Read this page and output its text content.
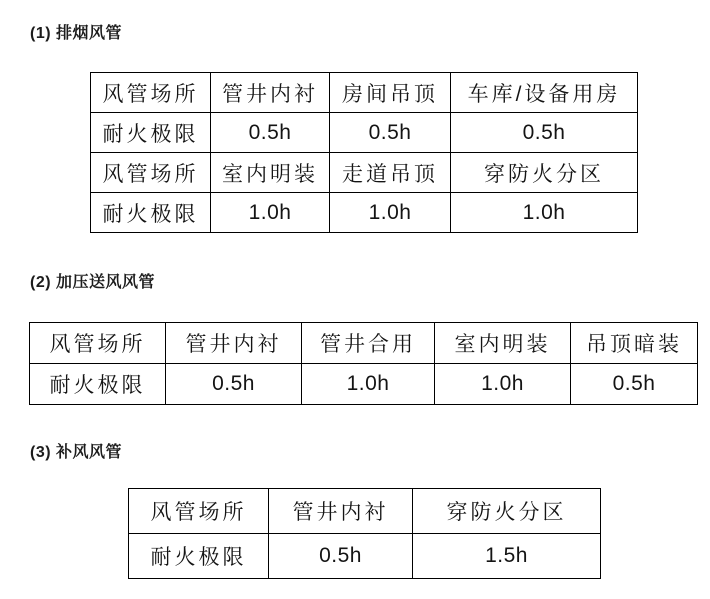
(1) 排烟风管
风管场所	管井内衬	房间吊顶	车库/设备用房
耐火极限	0.5h	0.5h	0.5h
风管场所	室内明装	走道吊顶	穿防火分区
耐火极限	1.0h	1.0h	1.0h
(2) 加压送风风管
风管场所	管井内衬	管井合用	室内明装	吊顶暗装
耐火极限	0.5h	1.0h	1.0h	0.5h
(3) 补风风管
风管场所	管井内衬	穿防火分区
耐火极限	0.5h	1.5h
